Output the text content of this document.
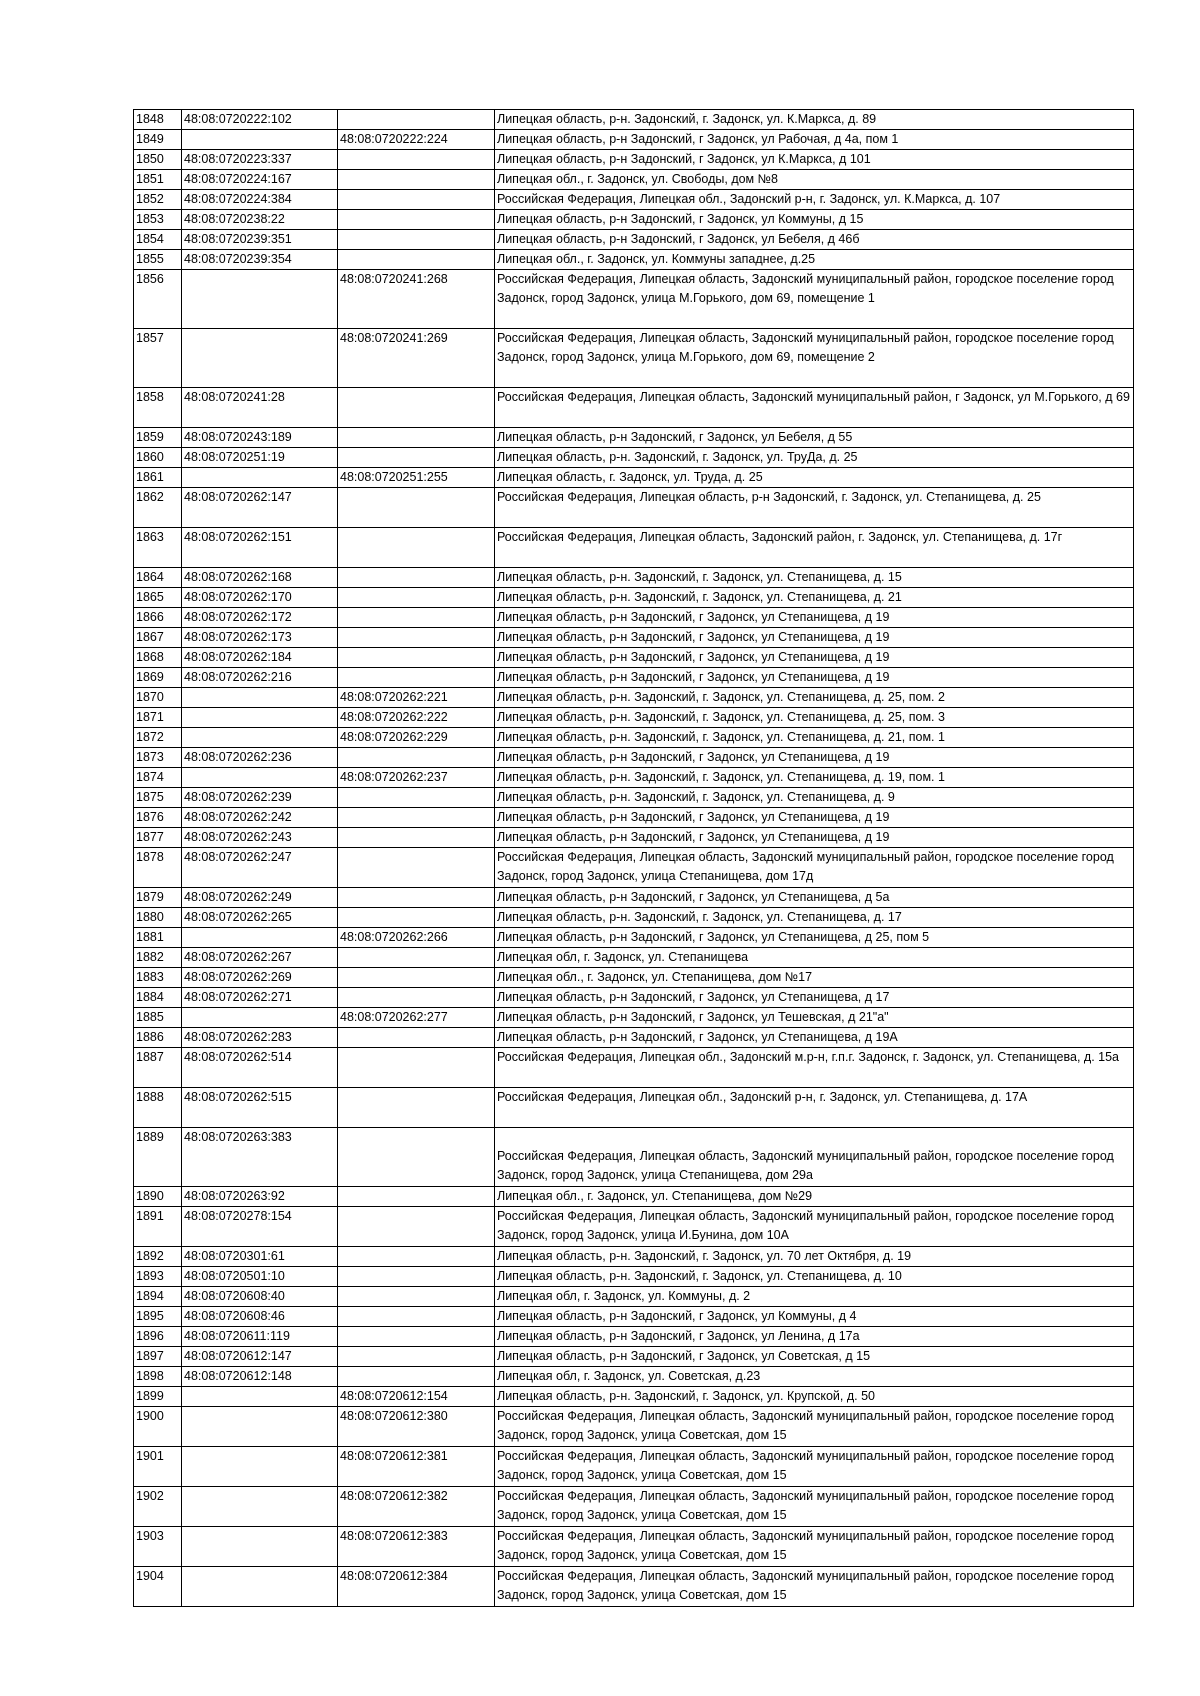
1848	48:08:0720222:102		Липецкая область, р-н. Задонский, г. Задонск, ул. К.Маркса, д. 89
1849		48:08:0720222:224	Липецкая область, р-н Задонский, г Задонск, ул Рабочая, д 4а, пом 1
1850	48:08:0720223:337		Липецкая область, р-н Задонский, г Задонск, ул К.Маркса, д 101
1851	48:08:0720224:167		Липецкая обл., г. Задонск, ул. Свободы, дом №8
1852	48:08:0720224:384		Российская Федерация, Липецкая обл., Задонский р-н, г. Задонск, ул. К.Маркса, д. 107
1853	48:08:0720238:22		Липецкая область, р-н Задонский, г Задонск, ул Коммуны, д 15
1854	48:08:0720239:351		Липецкая область, р-н Задонский, г Задонск, ул Бебеля, д 46б
1855	48:08:0720239:354		Липецкая обл., г. Задонск, ул. Коммуны западнее, д.25
1856		48:08:0720241:268	Российская Федерация, Липецкая область, Задонский муниципальный район, городское поселение город Задонск, город Задонск, улица М.Горького, дом 69, помещение 1
1857		48:08:0720241:269	Российская Федерация, Липецкая область, Задонский муниципальный район, городское поселение город Задонск, город Задонск, улица М.Горького, дом 69, помещение 2
1858	48:08:0720241:28		Российская Федерация, Липецкая область, Задонский муниципальный район, г Задонск, ул М.Горького, д 69
1859	48:08:0720243:189		Липецкая область, р-н Задонский, г Задонск, ул Бебеля, д 55
1860	48:08:0720251:19		Липецкая область, р-н. Задонский, г. Задонск, ул. ТруДа, д. 25
1861		48:08:0720251:255	Липецкая область, г. Задонск, ул. Труда, д. 25
1862	48:08:0720262:147		Российская Федерация, Липецкая область, р-н Задонский, г. Задонск, ул. Степанищева, д. 25
1863	48:08:0720262:151		Российская Федерация, Липецкая область, Задонский район, г. Задонск, ул. Степанищева, д. 17г
1864	48:08:0720262:168		Липецкая область, р-н. Задонский, г. Задонск, ул. Степанищева, д. 15
1865	48:08:0720262:170		Липецкая область, р-н. Задонский, г. Задонск, ул. Степанищева, д. 21
1866	48:08:0720262:172		Липецкая область, р-н Задонский, г Задонск, ул Степанищева, д 19
1867	48:08:0720262:173		Липецкая область, р-н Задонский, г Задонск, ул Степанищева, д 19
1868	48:08:0720262:184		Липецкая область, р-н Задонский, г Задонск, ул Степанищева, д 19
1869	48:08:0720262:216		Липецкая область, р-н Задонский, г Задонск, ул Степанищева, д 19
1870		48:08:0720262:221	Липецкая область, р-н. Задонский, г. Задонск, ул. Степанищева, д. 25, пом. 2
1871		48:08:0720262:222	Липецкая область, р-н. Задонский, г. Задонск, ул. Степанищева, д. 25, пом. 3
1872		48:08:0720262:229	Липецкая область, р-н. Задонский, г. Задонск, ул. Степанищева, д. 21, пом. 1
1873	48:08:0720262:236		Липецкая область, р-н Задонский, г Задонск, ул Степанищева, д 19
1874		48:08:0720262:237	Липецкая область, р-н. Задонский, г. Задонск, ул. Степанищева, д. 19, пом. 1
1875	48:08:0720262:239		Липецкая область, р-н. Задонский, г. Задонск, ул. Степанищева, д. 9
1876	48:08:0720262:242		Липецкая область, р-н Задонский, г Задонск, ул Степанищева, д 19
1877	48:08:0720262:243		Липецкая область, р-н Задонский, г Задонск, ул Степанищева, д 19
1878	48:08:0720262:247		Российская Федерация, Липецкая область, Задонский муниципальный район, городское поселение город Задонск, город Задонск, улица Степанищева, дом 17д
1879	48:08:0720262:249		Липецкая область, р-н Задонский, г Задонск, ул Степанищева, д 5а
1880	48:08:0720262:265		Липецкая область, р-н. Задонский, г. Задонск, ул. Степанищева, д. 17
1881		48:08:0720262:266	Липецкая область, р-н Задонский, г Задонск, ул Степанищева, д 25, пом 5
1882	48:08:0720262:267		Липецкая обл, г. Задонск, ул. Степанищева
1883	48:08:0720262:269		Липецкая обл., г. Задонск, ул. Степанищева, дом №17
1884	48:08:0720262:271		Липецкая область, р-н Задонский, г Задонск, ул Степанищева, д 17
1885		48:08:0720262:277	Липецкая область, р-н Задонский, г Задонск, ул Тешевская, д 21"а"
1886	48:08:0720262:283		Липецкая область, р-н Задонский, г Задонск, ул Степанищева, д 19А
1887	48:08:0720262:514		Российская Федерация, Липецкая обл., Задонский м.р-н, г.п.г. Задонск, г. Задонск, ул. Степанищева, д. 15а
1888	48:08:0720262:515		Российская Федерация, Липецкая обл., Задонский р-н, г. Задонск, ул. Степанищева, д. 17А
1889	48:08:0720263:383		Российская Федерация, Липецкая область, Задонский муниципальный район, городское поселение город Задонск, город Задонск, улица Степанищева, дом 29а
1890	48:08:0720263:92		Липецкая обл., г. Задонск, ул. Степанищева, дом №29
1891	48:08:0720278:154		Российская Федерация, Липецкая область, Задонский муниципальный район, городское поселение город Задонск, город Задонск, улица И.Бунина, дом 10А
1892	48:08:0720301:61		Липецкая область, р-н. Задонский, г. Задонск, ул. 70 лет Октября, д. 19
1893	48:08:0720501:10		Липецкая область, р-н. Задонский, г. Задонск, ул. Степанищева, д. 10
1894	48:08:0720608:40		Липецкая обл, г. Задонск, ул. Коммуны, д. 2
1895	48:08:0720608:46		Липецкая область, р-н Задонский, г Задонск, ул Коммуны, д 4
1896	48:08:0720611:119		Липецкая область, р-н Задонский, г Задонск, ул Ленина, д 17а
1897	48:08:0720612:147		Липецкая область, р-н Задонский, г Задонск, ул Советская, д 15
1898	48:08:0720612:148		Липецкая обл, г. Задонск, ул. Советская, д.23
1899		48:08:0720612:154	Липецкая область, р-н. Задонский, г. Задонск, ул. Крупской, д. 50
1900		48:08:0720612:380	Российская Федерация, Липецкая область, Задонский муниципальный район, городское поселение город Задонск, город Задонск, улица Советская, дом 15
1901		48:08:0720612:381	Российская Федерация, Липецкая область, Задонский муниципальный район, городское поселение город Задонск, город Задонск, улица Советская, дом 15
1902		48:08:0720612:382	Российская Федерация, Липецкая область, Задонский муниципальный район, городское поселение город Задонск, город Задонск, улица Советская, дом 15
1903		48:08:0720612:383	Российская Федерация, Липецкая область, Задонский муниципальный район, городское поселение город Задонск, город Задонск, улица Советская, дом 15
1904		48:08:0720612:384	Российская Федерация, Липецкая область, Задонский муниципальный район, городское поселение город Задонск, город Задонск, улица Советская, дом 15
